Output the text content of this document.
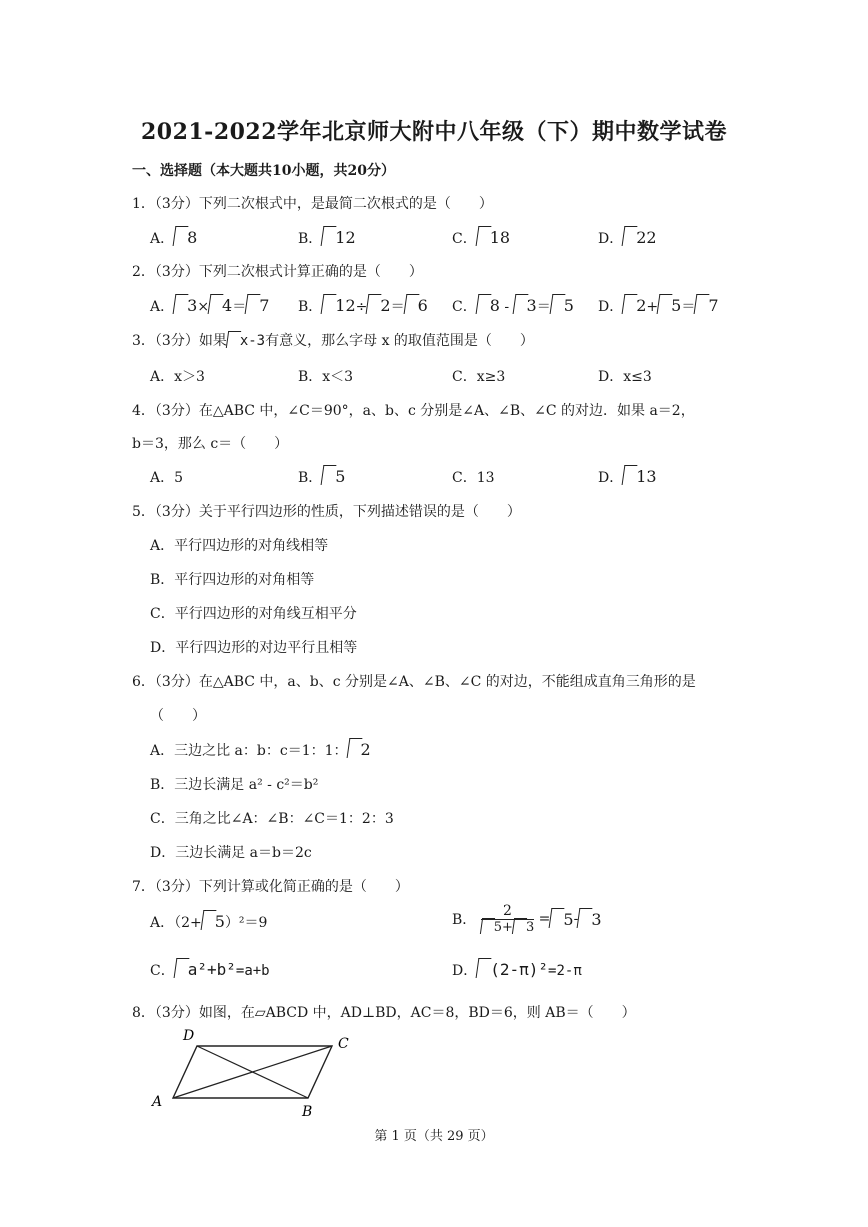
2021-2022学年北京师大附中八年级（下）期中数学试卷
一、选择题（本大题共10小题，共20分）
1．（3分）下列二次根式中，是最简二次根式的是（　　）
A． 8	B． 12	C． 18	D． 22
2．（3分）下列二次根式计算正确的是（　　）
A． 3× 4＝ 7 B． 12÷ 2＝ 6 C． 8 - 3＝ 5 D． 2+ 5＝ 7
3．（3分）如果 x-3有意义，那么字母 x 的取值范围是（　　）
A．x＞3	B．x＜3	C．x≥3	D．x≤3
4．（3分）在△ABC 中，∠C＝90°，a、b、c 分别是∠A、∠B、∠C 的对边．如果 a＝2，
b＝3，那么 c＝（　　）
A．5	B． 5	C．13	D． 13
5．（3分）关于平行四边形的性质，下列描述错误的是（　　）
A．平行四边形的对角线相等
B．平行四边形的对角相等
C．平行四边形的对角线互相平分
D．平行四边形的对边平行且相等
6．（3分）在△ABC 中，a、b、c 分别是∠A、∠B、∠C 的对边，不能组成直角三角形的是
（　　）
A．三边之比 a：b：c＝1：1： 2
B．三边长满足 a² - c²＝b²
C．三角之比∠A：∠B：∠C＝1：2：3
D．三边长满足 a＝b＝2c
7．（3分）下列计算或化简正确的是（　　）
A．（2+ 5）²＝9	B． $\frac{2}{5+ 3} = 5-$ 3
C． a²+b²=a+b	D． (2-π)²=2-π
8．（3分）如图，在▱ABCD 中，AD⊥BD，AC＝8，BD＝6，则 AB＝（　　）
A
B
C
D
第 1 页（共 29 页）
